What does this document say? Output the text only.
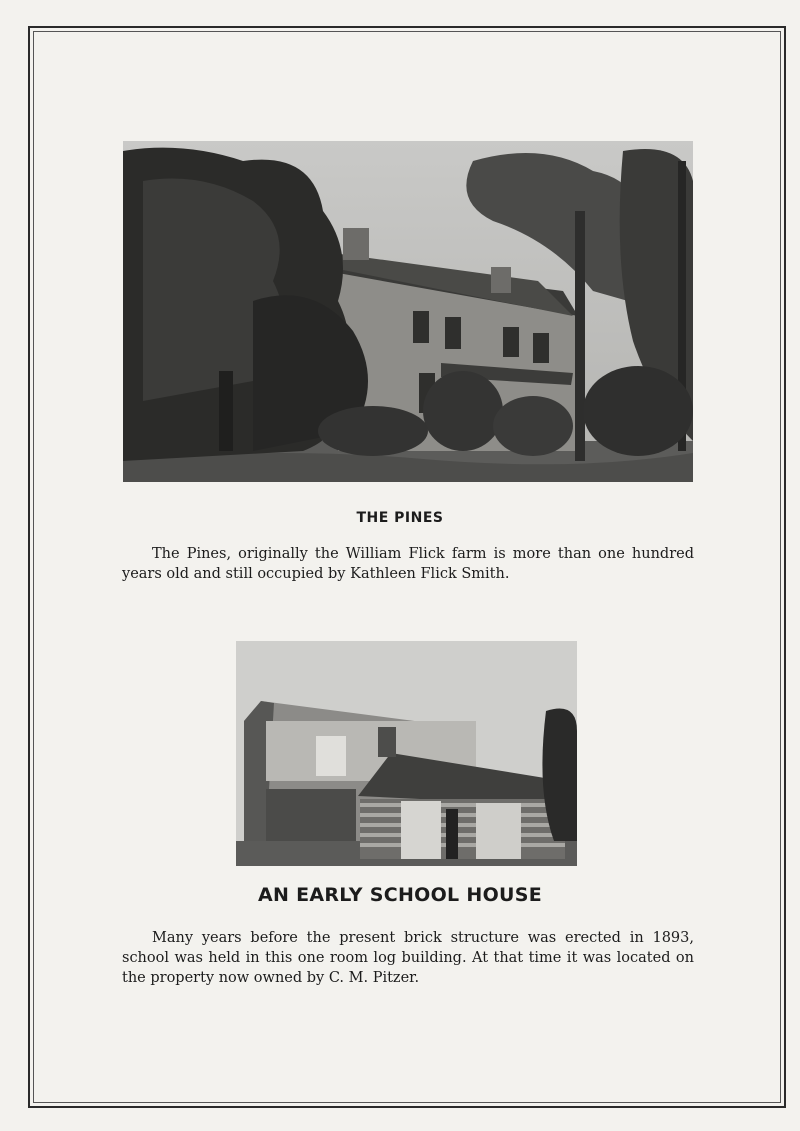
THE PINES

The Pines, originally the William Flick farm is more than one hundred years old and still occupied by Kathleen Flick Smith.

AN EARLY SCHOOL HOUSE

Many years before the present brick structure was erected in 1893, school was held in this one room log building. At that time it was located on the property now owned by C. M. Pitzer.
